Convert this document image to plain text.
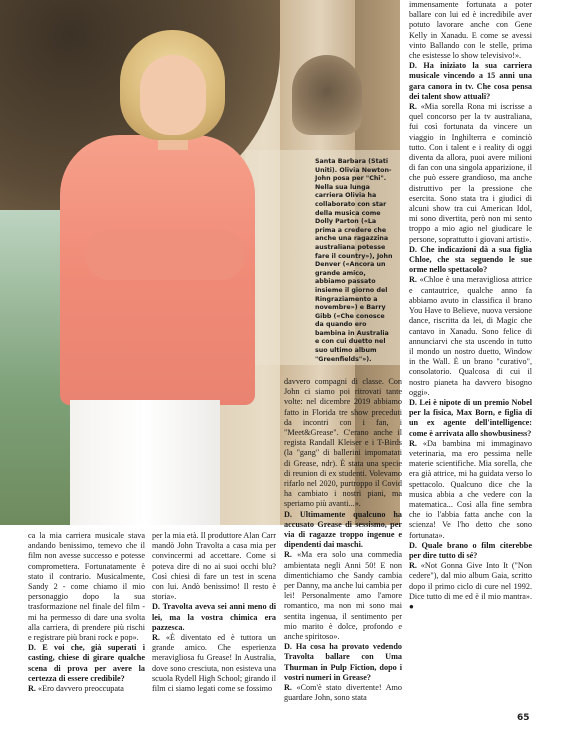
Santa Barbara (Stati Uniti). Olivia Newton-John posa per "Chi". Nella sua lunga carriera Olivia ha collaborato con star della musica come Dolly Parton («La prima a credere che anche una ragazzina australiana potesse fare il country»), John Denver («Ancora un grande amico, abbiamo passato insieme il giorno del Ringraziamento a novembre») e Barry Gibb («Che conosce da quando ero bambina in Australia e con cui duetto nel suo ultimo album "Greenfields"»).

ca la mia carriera musicale stava andando benissimo, temevo che il film non avesse successo e potesse compromettera. Fortunatamente è stato il contrario. Musicalmente, Sandy 2 - come chiamo il mio personaggio dopo la sua trasformazione nel finale del film - mi ha permesso di dare una svolta alla carriera, di prendere più rischi e registrare più brani rock e pop».

D. E voi che, già superati i casting, chiese di girare qualche scena di prova per avere la certezza di essere credibile?

R. «Ero davvero preoccupata

per la mia età. Il produttore Alan Carr mandò John Travolta a casa mia per convincermi ad accettare. Come si poteva dire di no ai suoi occhi blu? Così chiesi di fare un test in scena con lui. Andò benissimo! Il resto è storia».

D. Travolta aveva sei anni meno di lei, ma la vostra chimica era pazzesca.

R. «È diventato ed è tuttora un grande amico. Che esperienza meravigliosa fu Grease! In Australia, dove sono cresciuta, non esisteva una scuola Rydell High School; girando il film ci siamo legati come se fossimo

davvero compagni di classe. Con John ci siamo poi ritrovati tante volte: nel dicembre 2019 abbiamo fatto in Florida tre show preceduti da incontri con i fan, i "Meet&Grease". C'erano anche il regista Randall Kleiser e i T-Birds (la "gang" di ballerini impomatati di Grease, ndr). È stata una specie di reunion di ex studenti. Volevamo rifarlo nel 2020, purtroppo il Covid ha cambiato i nostri piani, ma speriamo più avanti...».

D. Ultimamente qualcuno ha accusato Grease di sessismo, per via di ragazze troppo ingenue e dipendenti dai maschi.

R. «Ma era solo una commedia ambientata negli Anni 50! E non dimentichiamo che Sandy cambia per Danny, ma anche lui cambia per lei! Personalmente amo l'amore romantico, ma non mi sono mai sentita ingenua, il sentimento per mio marito è dolce, profondo e anche spiritoso».

D. Ha cosa ha provato vedendo Travolta ballare con Uma Thurman in Pulp Fiction, dopo i vostri numeri in Grease?

R. «Com'è stato divertente! Amo guardare John, sono stata

immensamente fortunata a poter ballare con lui ed è incredibile aver potuto lavorare anche con Gene Kelly in Xanadu. E come se avessi vinto Ballando con le stelle, prima che esistesse lo show televisivo!».

D. Ha iniziato la sua carriera musicale vincendo a 15 anni una gara canora in tv. Che cosa pensa dei talent show attuali?

R. «Mia sorella Rona mi iscrisse a quel concorso per la tv australiana, fui così fortunata da vincere un viaggio in Inghilterra e cominciò tutto. Con i talent e i reality di oggi diventa da allora, puoi avere milioni di fan con una singola apparizione, il che può essere grandioso, ma anche distruttivo per la pressione che esercita. Sono stata tra i giudici di alcuni show tra cui American Idol, mi sono divertita, però non mi sento troppo a mio agio nel giudicare le persone, soprattutto i giovani artisti».

D. Che indicazioni dà a sua figlia Chloe, che sta seguendo le sue orme nello spettacolo?

R. «Chloe è una meravigliosa attrice e cantautrice, qualche anno fa abbiamo avuto in classifica il brano You Have to Believe, nuova versione dance, riscritta da lei, di Magic che cantavo in Xanadu. Sono felice di annunciarvi che sta uscendo in tutto il mondo un nostro duetto, Window in the Wall. È un brano "curativo", consolatorio. Qualcosa di cui il nostro pianeta ha davvero bisogno oggi».

D. Lei è nipote di un premio Nobel per la fisica, Max Born, e figlia di un ex agente dell'intelligence: come è arrivata allo showbusiness?

R. «Da bambina mi immaginavo veterinaria, ma ero pessima nelle materie scientifiche. Mia sorella, che era già attrice, mi ha guidata verso lo spettacolo. Qualcuno dice che la musica abbia a che vedere con la matematica... Così alla fine sembra che io l'abbia fatta anche con la scienza! Ve l'ho detto che sono fortunata».

D. Quale brano o film citerebbe per dire tutto di sé?

R. «Not Gonna Give Into It ("Non cedere"), dal mio album Gaia, scritto dopo il primo ciclo di cure nel 1992. Dice tutto di me ed è il mio mantra». ●

65
